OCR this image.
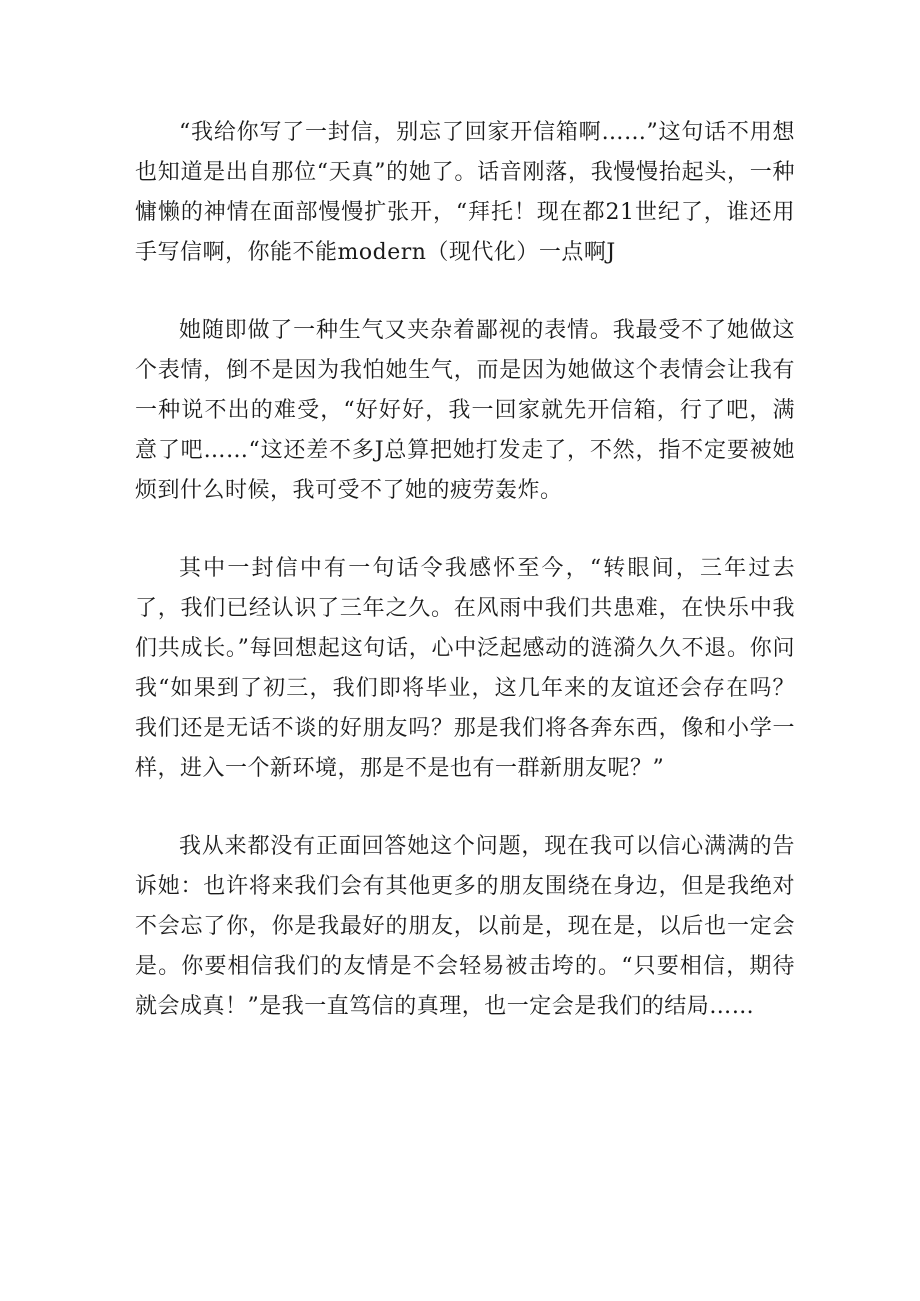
“我给你写了一封信，别忘了回家开信箱啊……”这句话不用想也知道是出自那位“天真”的她了。话音刚落，我慢慢抬起头，一种慵懒的神情在面部慢慢扩张开，“拜托！现在都21世纪了，谁还用手写信啊，你能不能modern（现代化）一点啊J

她随即做了一种生气又夹杂着鄙视的表情。我最受不了她做这个表情，倒不是因为我怕她生气，而是因为她做这个表情会让我有一种说不出的难受，“好好好，我一回家就先开信箱，行了吧，满意了吧……“这还差不多J总算把她打发走了，不然，指不定要被她烦到什么时候，我可受不了她的疲劳轰炸。

其中一封信中有一句话令我感怀至今，“转眼间，三年过去了，我们已经认识了三年之久。在风雨中我们共患难，在快乐中我们共成长。”每回想起这句话，心中泛起感动的涟漪久久不退。你问我“如果到了初三，我们即将毕业，这几年来的友谊还会存在吗？我们还是无话不谈的好朋友吗？那是我们将各奔东西，像和小学一样，进入一个新环境，那是不是也有一群新朋友呢？”

我从来都没有正面回答她这个问题，现在我可以信心满满的告诉她：也许将来我们会有其他更多的朋友围绕在身边，但是我绝对不会忘了你，你是我最好的朋友，以前是，现在是，以后也一定会是。你要相信我们的友情是不会轻易被击垮的。“只要相信，期待就会成真！”是我一直笃信的真理，也一定会是我们的结局……
